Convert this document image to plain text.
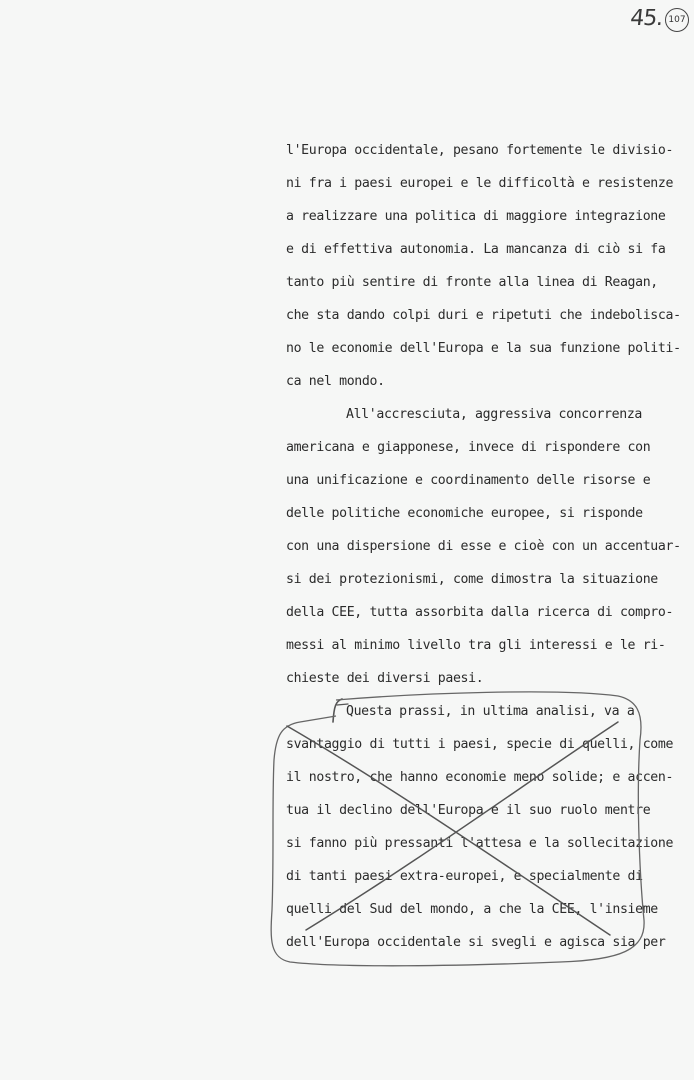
45. 107

l'Europa occidentale, pesano fortemente le divisio-

ni fra i paesi europei e le difficoltà e resistenze

a realizzare una politica di maggiore integrazione

e di effettiva autonomia. La mancanza di ciò si fa

tanto più sentire di fronte alla linea di Reagan,

che sta dando colpi duri e ripetuti che indebolisca-

no le economie dell'Europa e la sua funzione politi-

ca nel mondo.

All'accresciuta, aggressiva concorrenza

americana e giapponese, invece di rispondere con

una unificazione e coordinamento delle risorse e

delle politiche economiche europee, si risponde

con una dispersione di esse e cioè con un accentuar-

si dei protezionismi, come dimostra la situazione

della CEE, tutta assorbita dalla ricerca di compro-

messi al minimo livello tra gli interessi e le ri-

chieste dei diversi paesi.

Questa prassi, in ultima analisi, va a

svantaggio di tutti i paesi, specie di quelli, come

il nostro, che hanno economie meno solide; e accen-

tua il declino dell'Europa e il suo ruolo mentre

si fanno più pressanti l'attesa e la sollecitazione

di tanti paesi extra-europei, e specialmente di

quelli del Sud del mondo, a che la CEE, l'insieme

dell'Europa occidentale si svegli e agisca sia per
